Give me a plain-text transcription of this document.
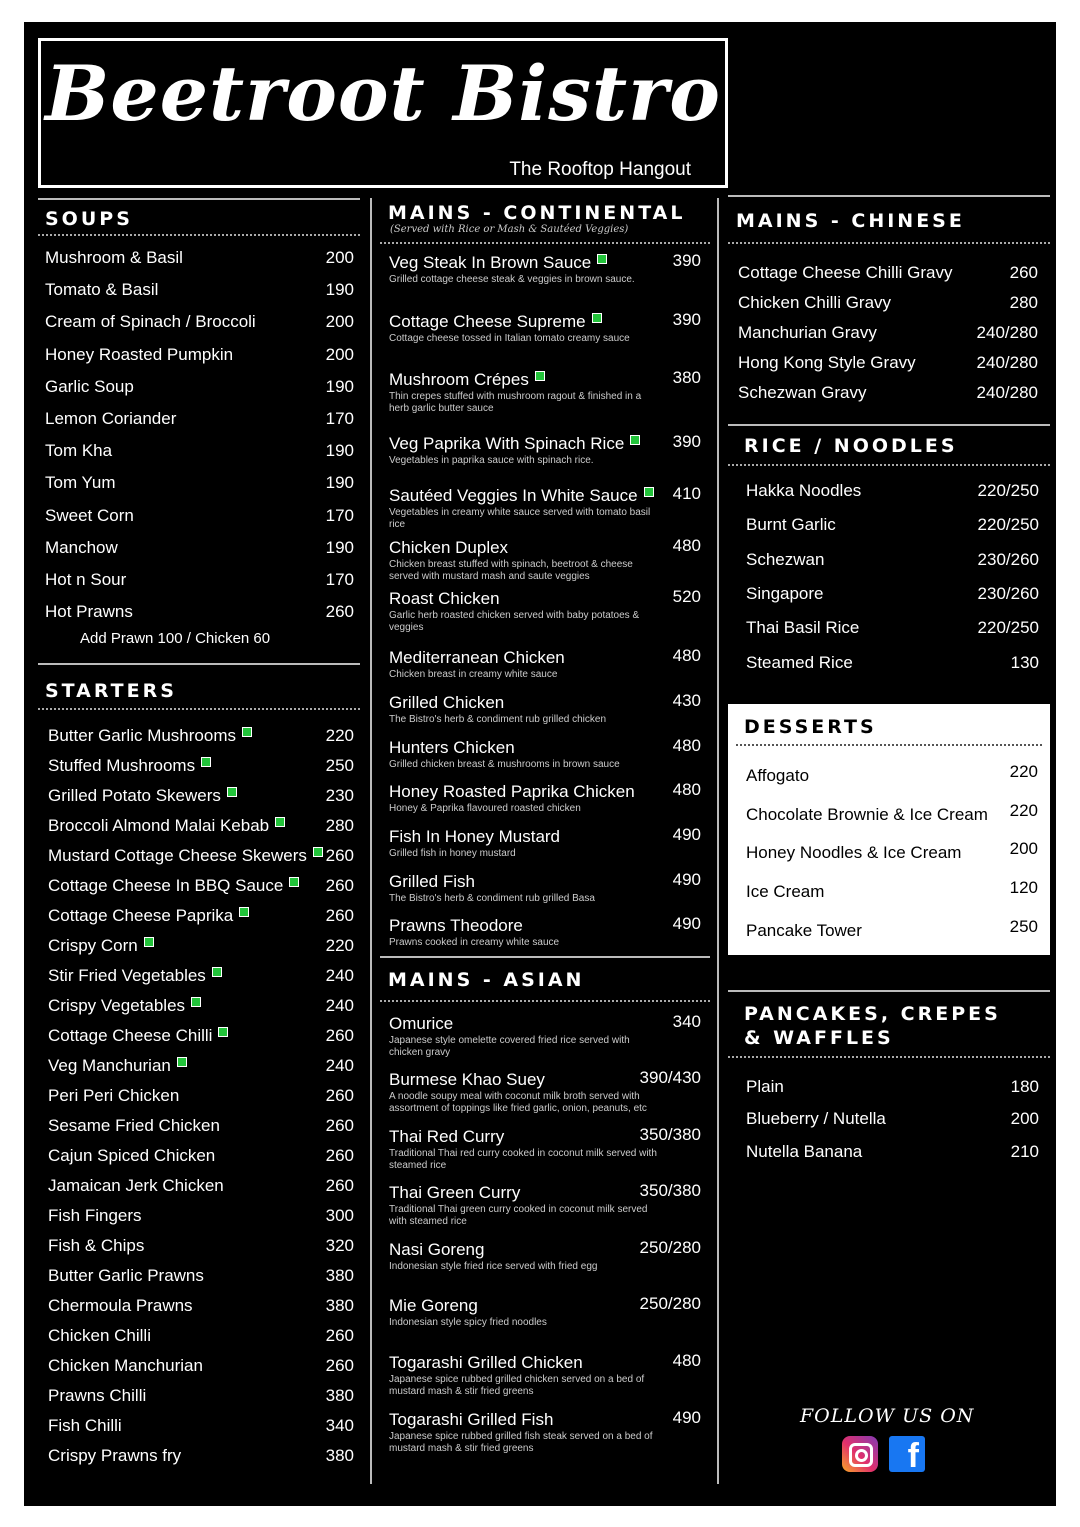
Beetroot Bistro
The Rooftop Hangout
SOUPS
Mushroom & Basil	200
Tomato & Basil	190
Cream of Spinach / Broccoli	200
Honey Roasted Pumpkin	200
Garlic Soup	190
Lemon Coriander	170
Tom Kha	190
Tom Yum	190
Sweet Corn	170
Manchow	190
Hot n Sour	170
Hot Prawns	260
Add Prawn 100 / Chicken 60
STARTERS
Butter Garlic Mushrooms	220
Stuffed Mushrooms	250
Grilled Potato Skewers	230
Broccoli Almond Malai Kebab	280
Mustard Cottage Cheese Skewers	260
Cottage Cheese In BBQ Sauce	260
Cottage Cheese Paprika	260
Crispy Corn	220
Stir Fried Vegetables	240
Crispy Vegetables	240
Cottage Cheese Chilli	260
Veg Manchurian	240
Peri Peri Chicken	260
Sesame Fried Chicken	260
Cajun Spiced Chicken	260
Jamaican Jerk Chicken	260
Fish Fingers	300
Fish & Chips	320
Butter Garlic Prawns	380
Chermoula Prawns	380
Chicken Chilli	260
Chicken Manchurian	260
Prawns Chilli	380
Fish Chilli	340
Crispy Prawns fry	380
MAINS - CONTINENTAL
(Served with Rice or Mash & Sautéed Veggies)
Veg Steak In Brown Sauce	390
Grilled cottage cheese steak & veggies in brown sauce.
Cottage Cheese Supreme	390
Cottage cheese tossed in Italian tomato creamy sauce
Mushroom Crépes	380
Thin crepes stuffed with mushroom ragout & finished in a herb garlic butter sauce
Veg Paprika With Spinach Rice	390
Vegetables in paprika sauce with spinach rice.
Sautéed Veggies In White Sauce	410
Vegetables in creamy white sauce served with tomato basil rice
Chicken Duplex	480
Chicken breast stuffed with spinach, beetroot & cheese served with mustard mash and saute veggies
Roast Chicken	520
Garlic herb roasted chicken served with baby potatoes & veggies
Mediterranean Chicken	480
Chicken breast in creamy white sauce
Grilled Chicken	430
The Bistro's herb & condiment rub grilled chicken
Hunters Chicken	480
Grilled chicken breast & mushrooms in brown sauce
Honey Roasted Paprika Chicken 480
Honey & Paprika flavoured roasted chicken
Fish In Honey Mustard	490
Grilled fish in honey mustard
Grilled Fish	490
The Bistro's herb & condiment rub grilled Basa
Prawns Theodore	490
Prawns cooked in creamy white sauce
MAINS - ASIAN
Omurice	340
Japanese style omelette covered fried rice served with chicken gravy
Burmese Khao Suey	390/430
A noodle soupy meal with coconut milk broth served with assortment of toppings like fried garlic, onion, peanuts, etc
Thai Red Curry	350/380
Traditional Thai red curry cooked in coconut milk served with steamed rice
Thai Green Curry	350/380
Traditional Thai green curry cooked in coconut milk served with steamed rice
Nasi Goreng	250/280
Indonesian style fried rice served with fried egg
Mie Goreng	250/280
Indonesian style spicy fried noodles
Togarashi Grilled Chicken	480
Japanese spice rubbed grilled chicken served on a bed of mustard mash & stir fried greens
Togarashi Grilled Fish	490
Japanese spice rubbed grilled fish steak served on a bed of mustard mash & stir fried greens
MAINS - CHINESE
Cottage Cheese Chilli Gravy	260
Chicken Chilli Gravy	280
Manchurian Gravy	240/280
Hong Kong Style Gravy	240/280
Schezwan Gravy	240/280
RICE / NOODLES
Hakka Noodles	220/250
Burnt Garlic	220/250
Schezwan	230/260
Singapore	230/260
Thai Basil Rice	220/250
Steamed Rice	130
DESSERTS
Affogato	220
Chocolate Brownie & Ice Cream 220
Honey Noodles & Ice Cream	200
Ice Cream	120
Pancake Tower	250
PANCAKES, CREPES
& WAFFLES
Plain	180
Blueberry / Nutella	200
Nutella Banana	210
FOLLOW US ON
f
